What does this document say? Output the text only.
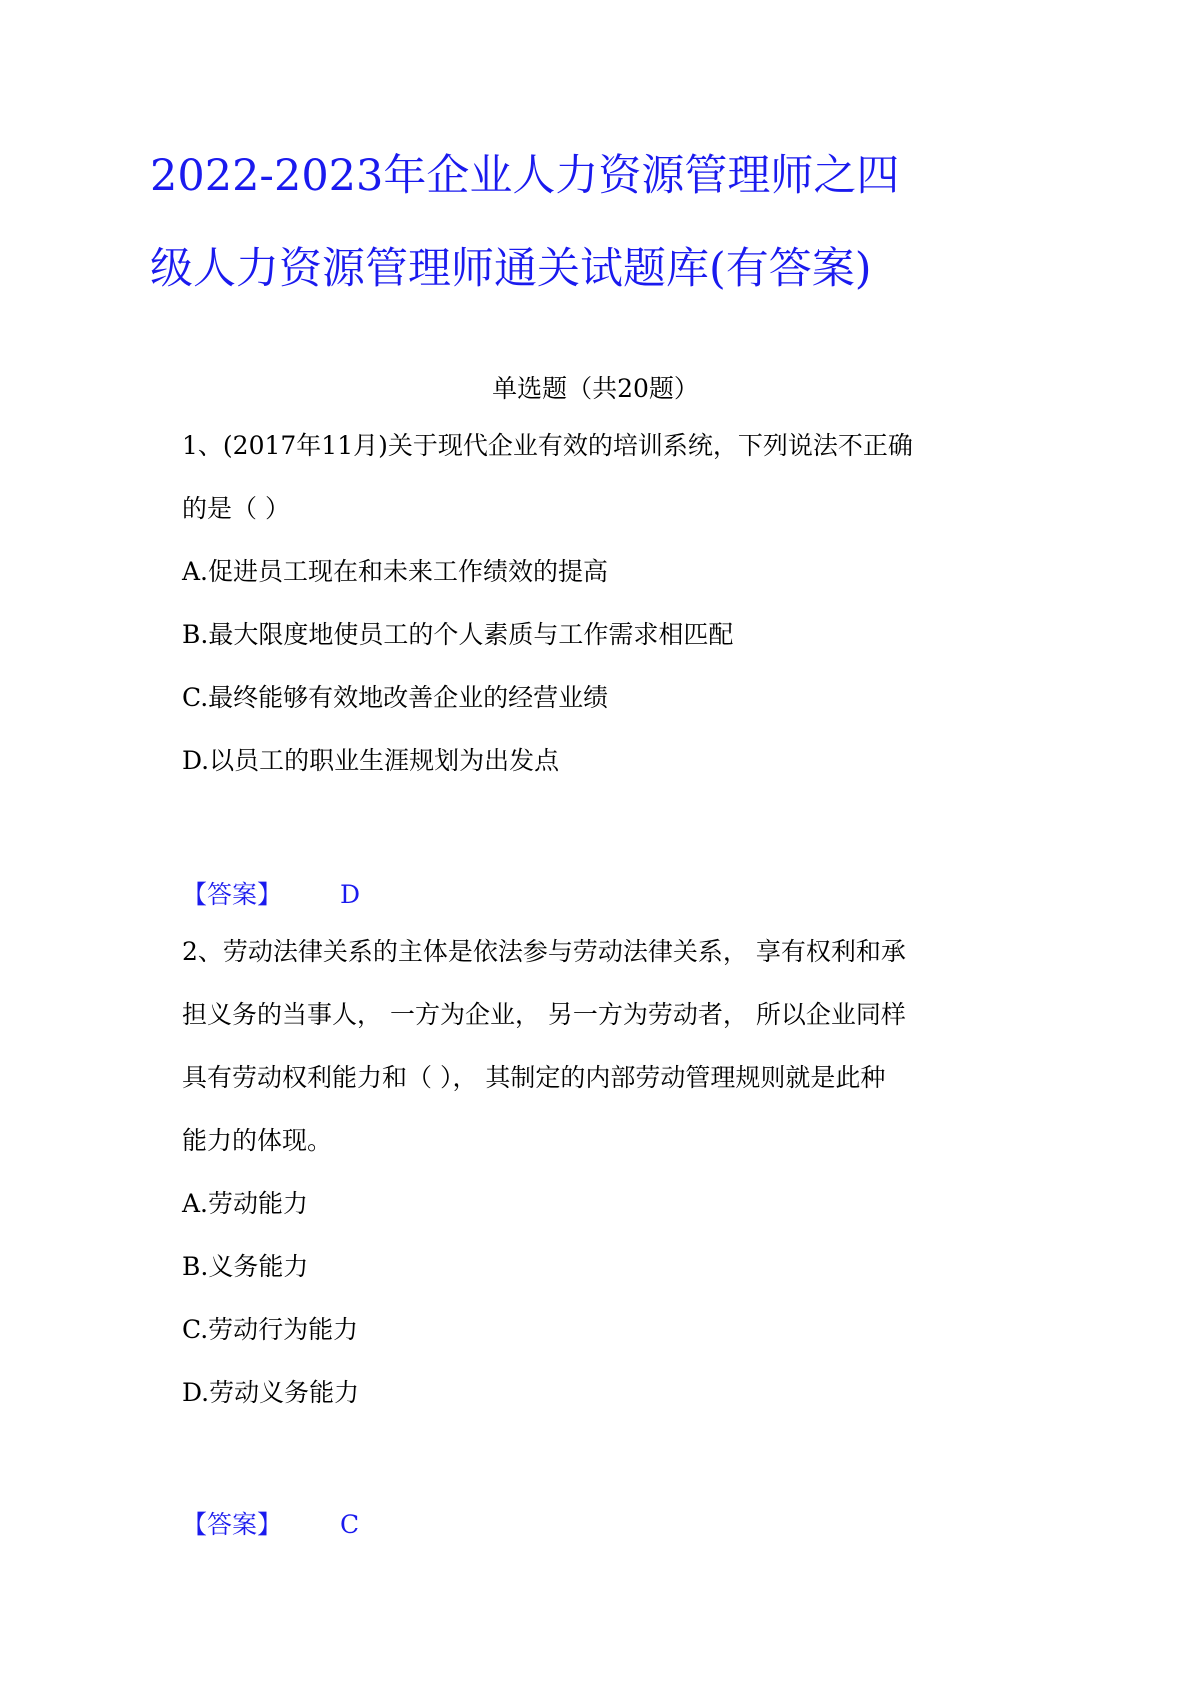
2022-2023年企业人力资源管理师之四
级人力资源管理师通关试题库(有答案)
单选题（共20题）
1、(2017年11月)关于现代企业有效的培训系统，下列说法不正确
的是（ ）
A.促进员工现在和未来工作绩效的提高
B.最大限度地使员工的个人素质与工作需求相匹配
C.最终能够有效地改善企业的经营业绩
D.以员工的职业生涯规划为出发点
【答案】 D
2、劳动法律关系的主体是依法参与劳动法律关系， 享有权利和承
担义务的当事人， 一方为企业， 另一方为劳动者， 所以企业同样
具有劳动权利能力和（ ）， 其制定的内部劳动管理规则就是此种
能力的体现。
A.劳动能力
B.义务能力
C.劳动行为能力
D.劳动义务能力
【答案】 C
